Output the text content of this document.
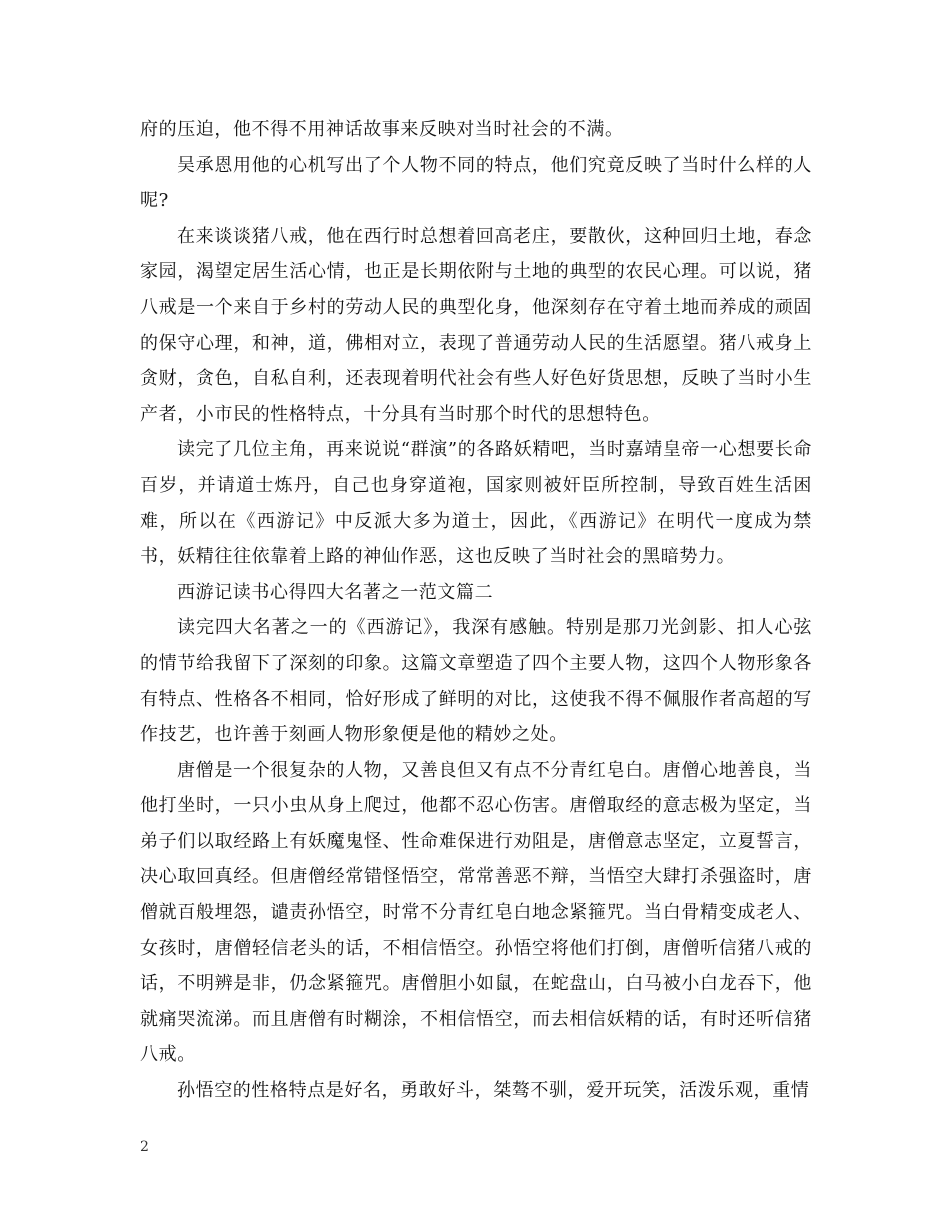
府的压迫，他不得不用神话故事来反映对当时社会的不满。

吴承恩用他的心机写出了个人物不同的特点，他们究竟反映了当时什么样的人呢?

在来谈谈猪八戒，他在西行时总想着回高老庄，要散伙，这种回归土地，春念家园，渴望定居生活心情，也正是长期依附与土地的典型的农民心理。可以说，猪八戒是一个来自于乡村的劳动人民的典型化身，他深刻存在守着土地而养成的顽固的保守心理，和神，道，佛相对立，表现了普通劳动人民的生活愿望。猪八戒身上贪财，贪色，自私自利，还表现着明代社会有些人好色好货思想，反映了当时小生产者，小市民的性格特点，十分具有当时那个时代的思想特色。

读完了几位主角，再来说说“群演”的各路妖精吧，当时嘉靖皇帝一心想要长命百岁，并请道士炼丹，自己也身穿道袍，国家则被奸臣所控制，导致百姓生活困难，所以在《西游记》中反派大多为道士，因此，《西游记》在明代一度成为禁书，妖精往往依靠着上路的神仙作恶，这也反映了当时社会的黑暗势力。

西游记读书心得四大名著之一范文篇二

读完四大名著之一的《西游记》，我深有感触。特别是那刀光剑影、扣人心弦的情节给我留下了深刻的印象。这篇文章塑造了四个主要人物，这四个人物形象各有特点、性格各不相同，恰好形成了鲜明的对比，这使我不得不佩服作者高超的写作技艺，也许善于刻画人物形象便是他的精妙之处。

唐僧是一个很复杂的人物，又善良但又有点不分青红皂白。唐僧心地善良，当他打坐时，一只小虫从身上爬过，他都不忍心伤害。唐僧取经的意志极为坚定，当弟子们以取经路上有妖魔鬼怪、性命难保进行劝阻是，唐僧意志坚定，立夏誓言，决心取回真经。但唐僧经常错怪悟空，常常善恶不辩，当悟空大肆打杀强盗时，唐僧就百般埋怨，谴责孙悟空，时常不分青红皂白地念紧箍咒。当白骨精变成老人、女孩时，唐僧轻信老头的话，不相信悟空。孙悟空将他们打倒，唐僧听信猪八戒的话，不明辨是非，仍念紧箍咒。唐僧胆小如鼠，在蛇盘山，白马被小白龙吞下，他就痛哭流涕。而且唐僧有时糊涂，不相信悟空，而去相信妖精的话，有时还听信猪八戒。

孙悟空的性格特点是好名，勇敢好斗，桀骜不驯，爱开玩笑，活泼乐观，重情

2
